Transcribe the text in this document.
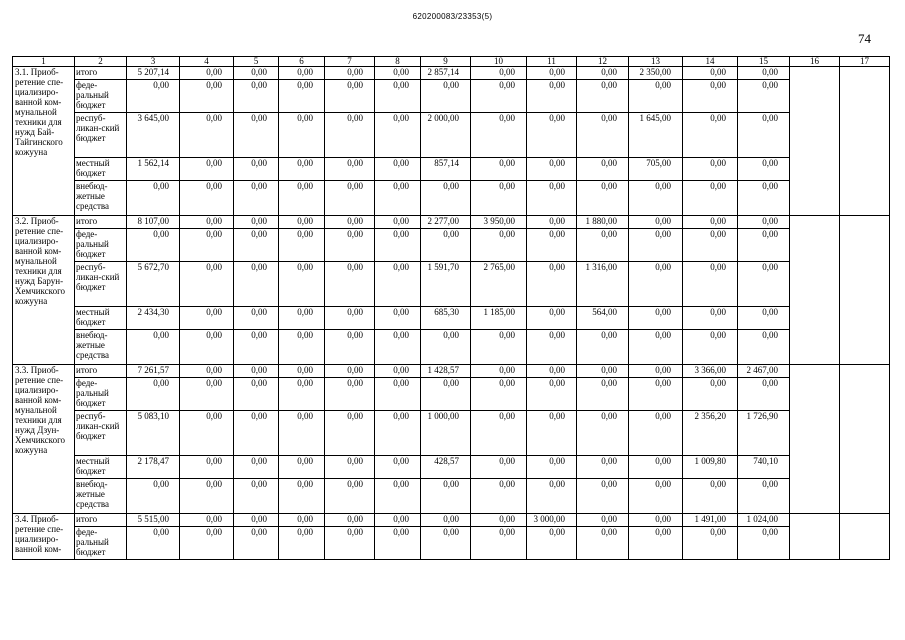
620200083/23353(5)
74
1	2	3	4	5	6	7	8	9	10	11	12	13	14	15	16	17
3.1. Приоб-ретение спе-циализиро-ванной ком-мунальной техники для нужд Бай-Тайгинского кожууна	итого	5 207,14	0,00	0,00	0,00	0,00	0,00	2 857,14	0,00	0,00	0,00	2 350,00	0,00	0,00		
	феде-ральный бюджет	0,00	0,00	0,00	0,00	0,00	0,00	0,00	0,00	0,00	0,00	0,00	0,00	0,00		
	респуб-ликан-ский бюджет	3 645,00	0,00	0,00	0,00	0,00	0,00	2 000,00	0,00	0,00	0,00	1 645,00	0,00	0,00		
	местный бюджет	1 562,14	0,00	0,00	0,00	0,00	0,00	857,14	0,00	0,00	0,00	705,00	0,00	0,00		
	внебюд-жетные средства	0,00	0,00	0,00	0,00	0,00	0,00	0,00	0,00	0,00	0,00	0,00	0,00	0,00		
3.2. Приоб-ретение спе-циализиро-ванной ком-мунальной техники для нужд Барун-Хемчикского кожууна	итого	8 107,00	0,00	0,00	0,00	0,00	0,00	2 277,00	3 950,00	0,00	1 880,00	0,00	0,00	0,00		
	феде-ральный бюджет	0,00	0,00	0,00	0,00	0,00	0,00	0,00	0,00	0,00	0,00	0,00	0,00	0,00		
	респуб-ликан-ский бюджет	5 672,70	0,00	0,00	0,00	0,00	0,00	1 591,70	2 765,00	0,00	1 316,00	0,00	0,00	0,00		
	местный бюджет	2 434,30	0,00	0,00	0,00	0,00	0,00	685,30	1 185,00	0,00	564,00	0,00	0,00	0,00		
	внебюд-жетные средства	0,00	0,00	0,00	0,00	0,00	0,00	0,00	0,00	0,00	0,00	0,00	0,00	0,00		
3.3. Приоб-ретение спе-циализиро-ванной ком-мунальной техники для нужд Дзун-Хемчикского кожууна	итого	7 261,57	0,00	0,00	0,00	0,00	0,00	1 428,57	0,00	0,00	0,00	0,00	3 366,00	2 467,00		
	феде-ральный бюджет	0,00	0,00	0,00	0,00	0,00	0,00	0,00	0,00	0,00	0,00	0,00	0,00	0,00		
	респуб-ликан-ский бюджет	5 083,10	0,00	0,00	0,00	0,00	0,00	1 000,00	0,00	0,00	0,00	0,00	2 356,20	1 726,90		
	местный бюджет	2 178,47	0,00	0,00	0,00	0,00	0,00	428,57	0,00	0,00	0,00	0,00	1 009,80	740,10		
	внебюд-жетные средства	0,00	0,00	0,00	0,00	0,00	0,00	0,00	0,00	0,00	0,00	0,00	0,00	0,00		
3.4. Приоб-ретение спе-циализиро-ванной ком-	итого	5 515,00	0,00	0,00	0,00	0,00	0,00	0,00	0,00	3 000,00	0,00	0,00	1 491,00	1 024,00		
	феде-ральный бюджет	0,00	0,00	0,00	0,00	0,00	0,00	0,00	0,00	0,00	0,00	0,00	0,00	0,00		
